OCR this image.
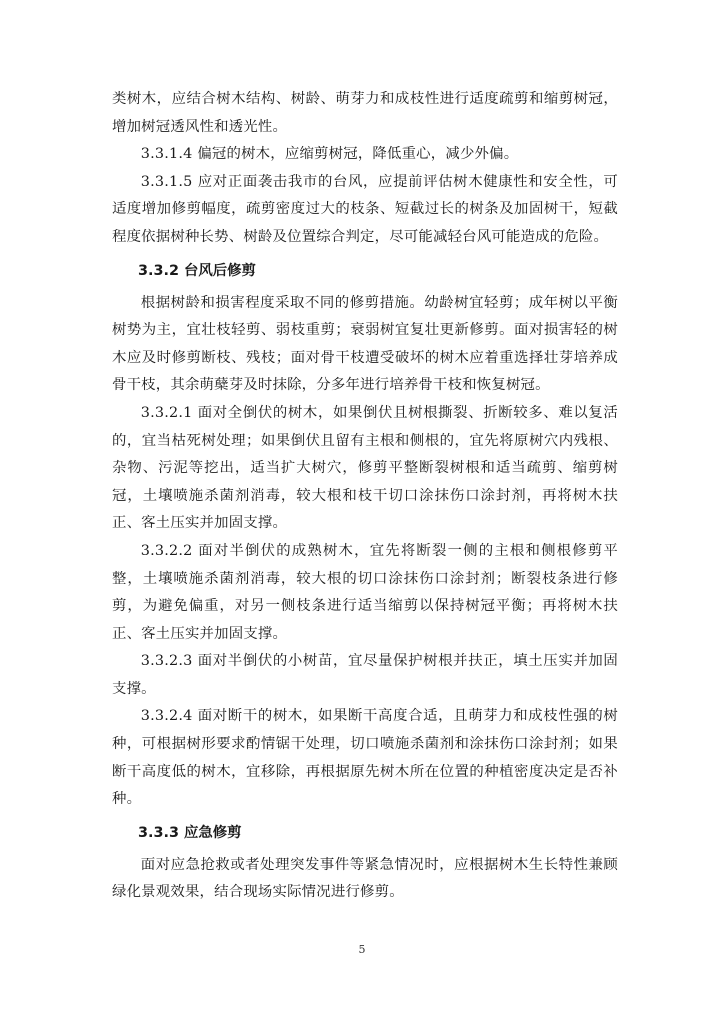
类树木，应结合树木结构、树龄、萌芽力和成枝性进行适度疏剪和缩剪树冠，增加树冠透风性和透光性。

3.3.1.4 偏冠的树木，应缩剪树冠，降低重心，减少外偏。

3.3.1.5 应对正面袭击我市的台风，应提前评估树木健康性和安全性，可适度增加修剪幅度，疏剪密度过大的枝条、短截过长的树条及加固树干，短截程度依据树种长势、树龄及位置综合判定，尽可能减轻台风可能造成的危险。

3.3.2 台风后修剪

根据树龄和损害程度采取不同的修剪措施。幼龄树宜轻剪；成年树以平衡树势为主，宜壮枝轻剪、弱枝重剪；衰弱树宜复壮更新修剪。面对损害轻的树木应及时修剪断枝、残枝；面对骨干枝遭受破坏的树木应着重选择壮芽培养成骨干枝，其余萌蘖芽及时抹除，分多年进行培养骨干枝和恢复树冠。

3.3.2.1 面对全倒伏的树木，如果倒伏且树根撕裂、折断较多、难以复活的，宜当枯死树处理；如果倒伏且留有主根和侧根的，宜先将原树穴内残根、杂物、污泥等挖出，适当扩大树穴，修剪平整断裂树根和适当疏剪、缩剪树冠，土壤喷施杀菌剂消毒，较大根和枝干切口涂抹伤口涂封剂，再将树木扶正、客土压实并加固支撑。

3.3.2.2 面对半倒伏的成熟树木，宜先将断裂一侧的主根和侧根修剪平整，土壤喷施杀菌剂消毒，较大根的切口涂抹伤口涂封剂；断裂枝条进行修剪，为避免偏重，对另一侧枝条进行适当缩剪以保持树冠平衡；再将树木扶正、客土压实并加固支撑。

3.3.2.3 面对半倒伏的小树苗，宜尽量保护树根并扶正，填土压实并加固支撑。

3.3.2.4 面对断干的树木，如果断干高度合适，且萌芽力和成枝性强的树种，可根据树形要求酌情锯干处理，切口喷施杀菌剂和涂抹伤口涂封剂；如果断干高度低的树木，宜移除，再根据原先树木所在位置的种植密度决定是否补种。

3.3.3 应急修剪

面对应急抢救或者处理突发事件等紧急情况时，应根据树木生长特性兼顾绿化景观效果，结合现场实际情况进行修剪。

5
